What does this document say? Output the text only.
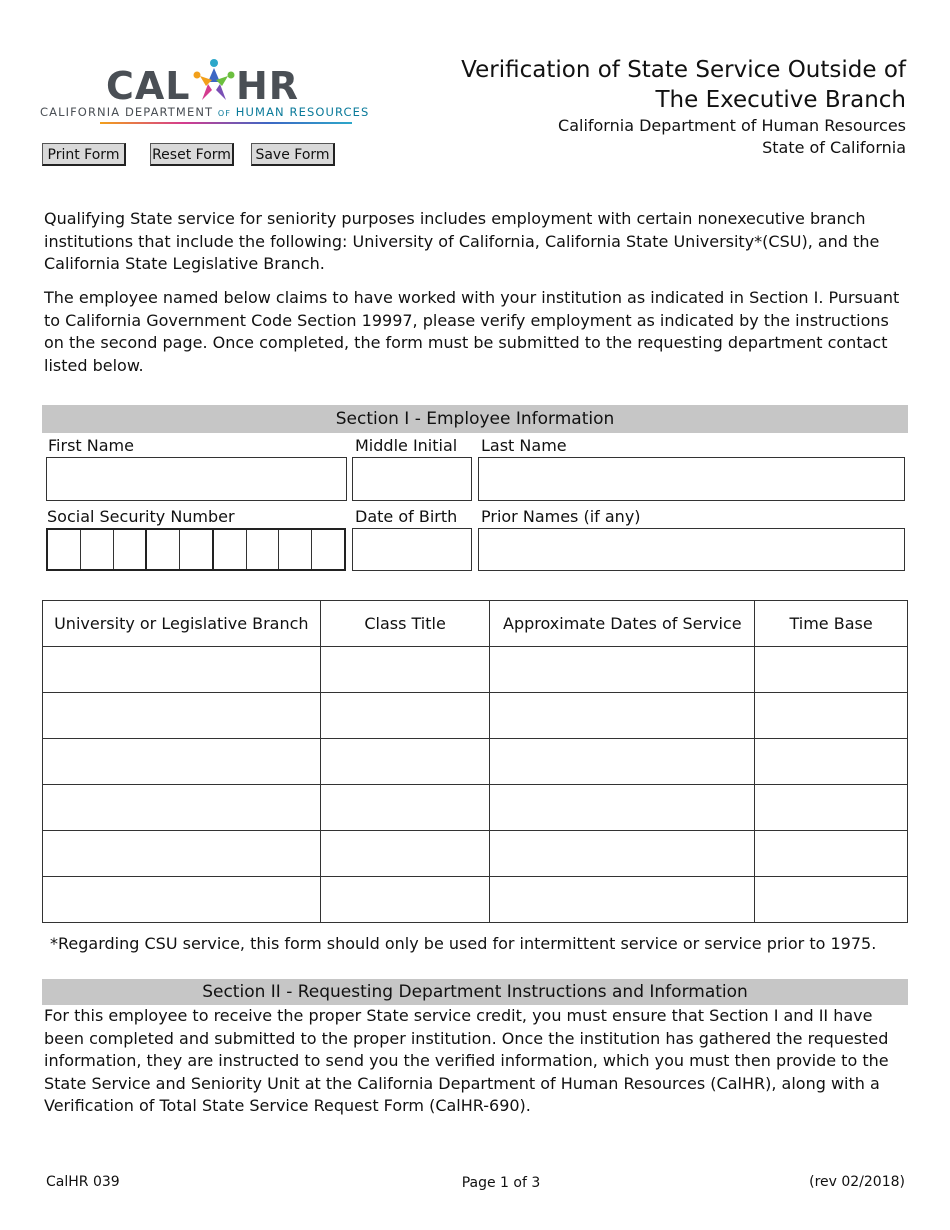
CAL HR
CALIFORNIA DEPARTMENT OF HUMAN RESOURCES
Verification of State Service Outside of
The Executive Branch
California Department of Human Resources
State of California
Print Form	Reset Form	Save Form
Qualifying State service for seniority purposes includes employment with certain nonexecutive branch institutions that include the following: University of California, California State University*(CSU), and the California State Legislative Branch.
The employee named below claims to have worked with your institution as indicated in Section I. Pursuant to California Government Code Section 19997, please verify employment as indicated by the instructions on the second page. Once completed, the form must be submitted to the requesting department contact listed below.
Section I - Employee Information
First Name	Middle Initial Last Name
Social Security Number	Date of Birth Prior Names (if any)
University or Legislative Branch	Class Title	Approximate Dates of Service	Time Base

*Regarding CSU service, this form should only be used for intermittent service or service prior to 1975.
Section II - Requesting Department Instructions and Information
For this employee to receive the proper State service credit, you must ensure that Section I and II have been completed and submitted to the proper institution. Once the institution has gathered the requested information, they are instructed to send you the verified information, which you must then provide to the State Service and Seniority Unit at the California Department of Human Resources (CalHR), along with a Verification of Total State Service Request Form (CalHR-690).
CalHR 039	Page 1 of 3	(rev 02/2018)
